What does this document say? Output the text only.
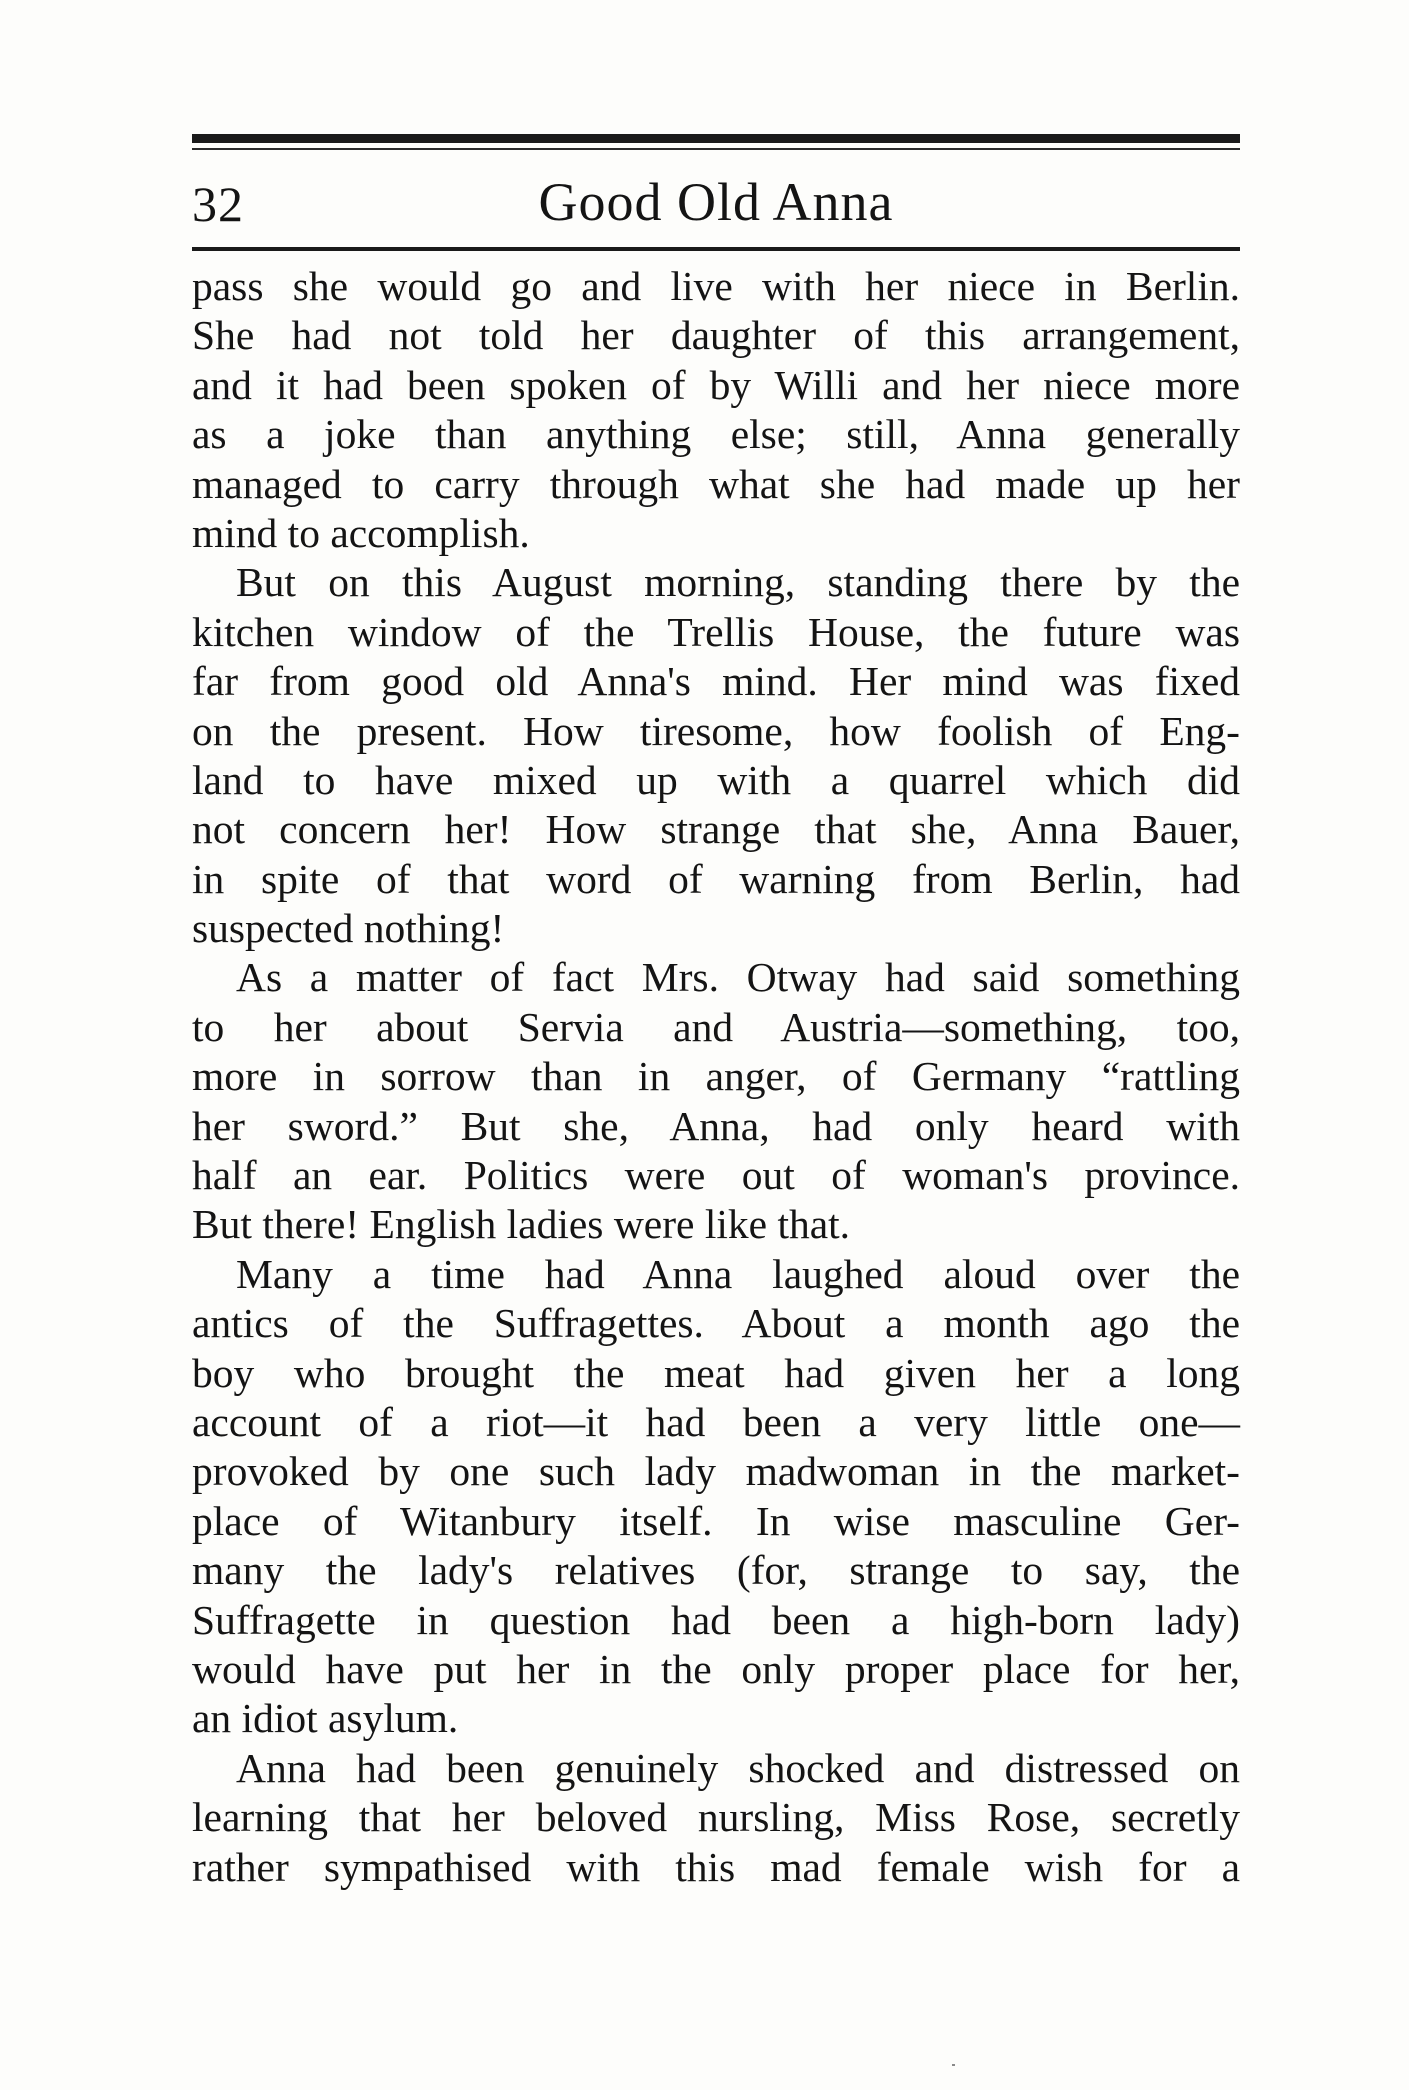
32	Good Old Anna
pass she would go and live with her niece in Berlin.
She had not told her daughter of this arrangement,
and it had been spoken of by Willi and her niece more
as a joke than anything else; still, Anna generally
managed to carry through what she had made up her
mind to accomplish.
But on this August morning, standing there by the
kitchen window of the Trellis House, the future was
far from good old Anna's mind. Her mind was fixed
on the present. How tiresome, how foolish of Eng-
land to have mixed up with a quarrel which did
not concern her! How strange that she, Anna Bauer,
in spite of that word of warning from Berlin, had
suspected nothing!
As a matter of fact Mrs. Otway had said something
to her about Servia and Austria—something, too,
more in sorrow than in anger, of Germany “rattling
her sword.” But she, Anna, had only heard with
half an ear. Politics were out of woman's province.
But there! English ladies were like that.
Many a time had Anna laughed aloud over the
antics of the Suffragettes. About a month ago the
boy who brought the meat had given her a long
account of a riot—it had been a very little one—
provoked by one such lady madwoman in the market-
place of Witanbury itself. In wise masculine Ger-
many the lady's relatives (for, strange to say, the
Suffragette in question had been a high-born lady)
would have put her in the only proper place for her,
an idiot asylum.
Anna had been genuinely shocked and distressed on
learning that her beloved nursling, Miss Rose, secretly
rather sympathised with this mad female wish for a
